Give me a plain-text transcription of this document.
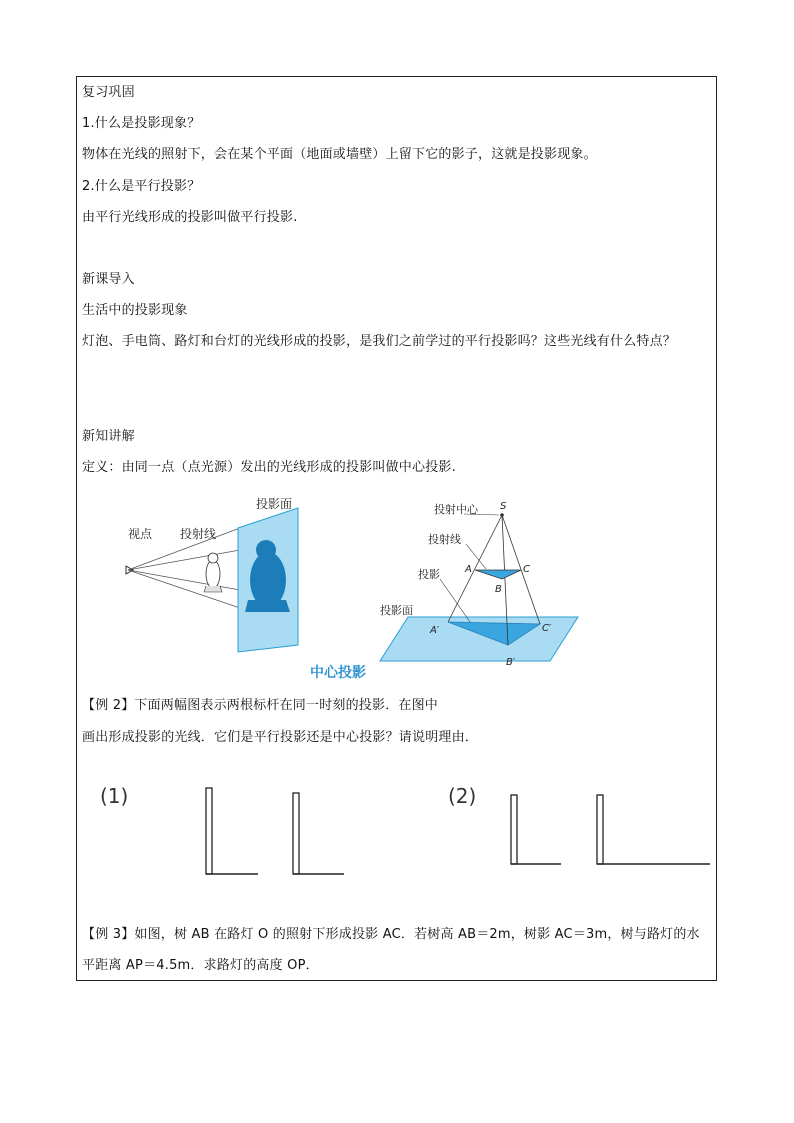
复习巩固
1.什么是投影现象？
物体在光线的照射下，会在某个平面（地面或墙壁）上留下它的影子，这就是投影现象。
2.什么是平行投影？
由平行光线形成的投影叫做平行投影.
新课导入
生活中的投影现象
灯泡、手电筒、路灯和台灯的光线形成的投影，是我们之前学过的平行投影吗？这些光线有什么特点？
新知讲解
定义：由同一点（点光源）发出的光线形成的投影叫做中心投影.
视点 投射线
投影面
中心投影
投射中心
投射线
投影
投影面
S
A	C
B
A′	C′
B′
【例 2】下面两幅图表示两根标杆在同一时刻的投影．在图中
画出形成投影的光线．它们是平行投影还是中心投影？请说明理由．
(1)	(2)
【例 3】如图，树 AB 在路灯 O 的照射下形成投影 AC．若树高 AB＝2m，树影 AC＝3m，树与路灯的水平距离 AP＝4.5m．求路灯的高度 OP．
